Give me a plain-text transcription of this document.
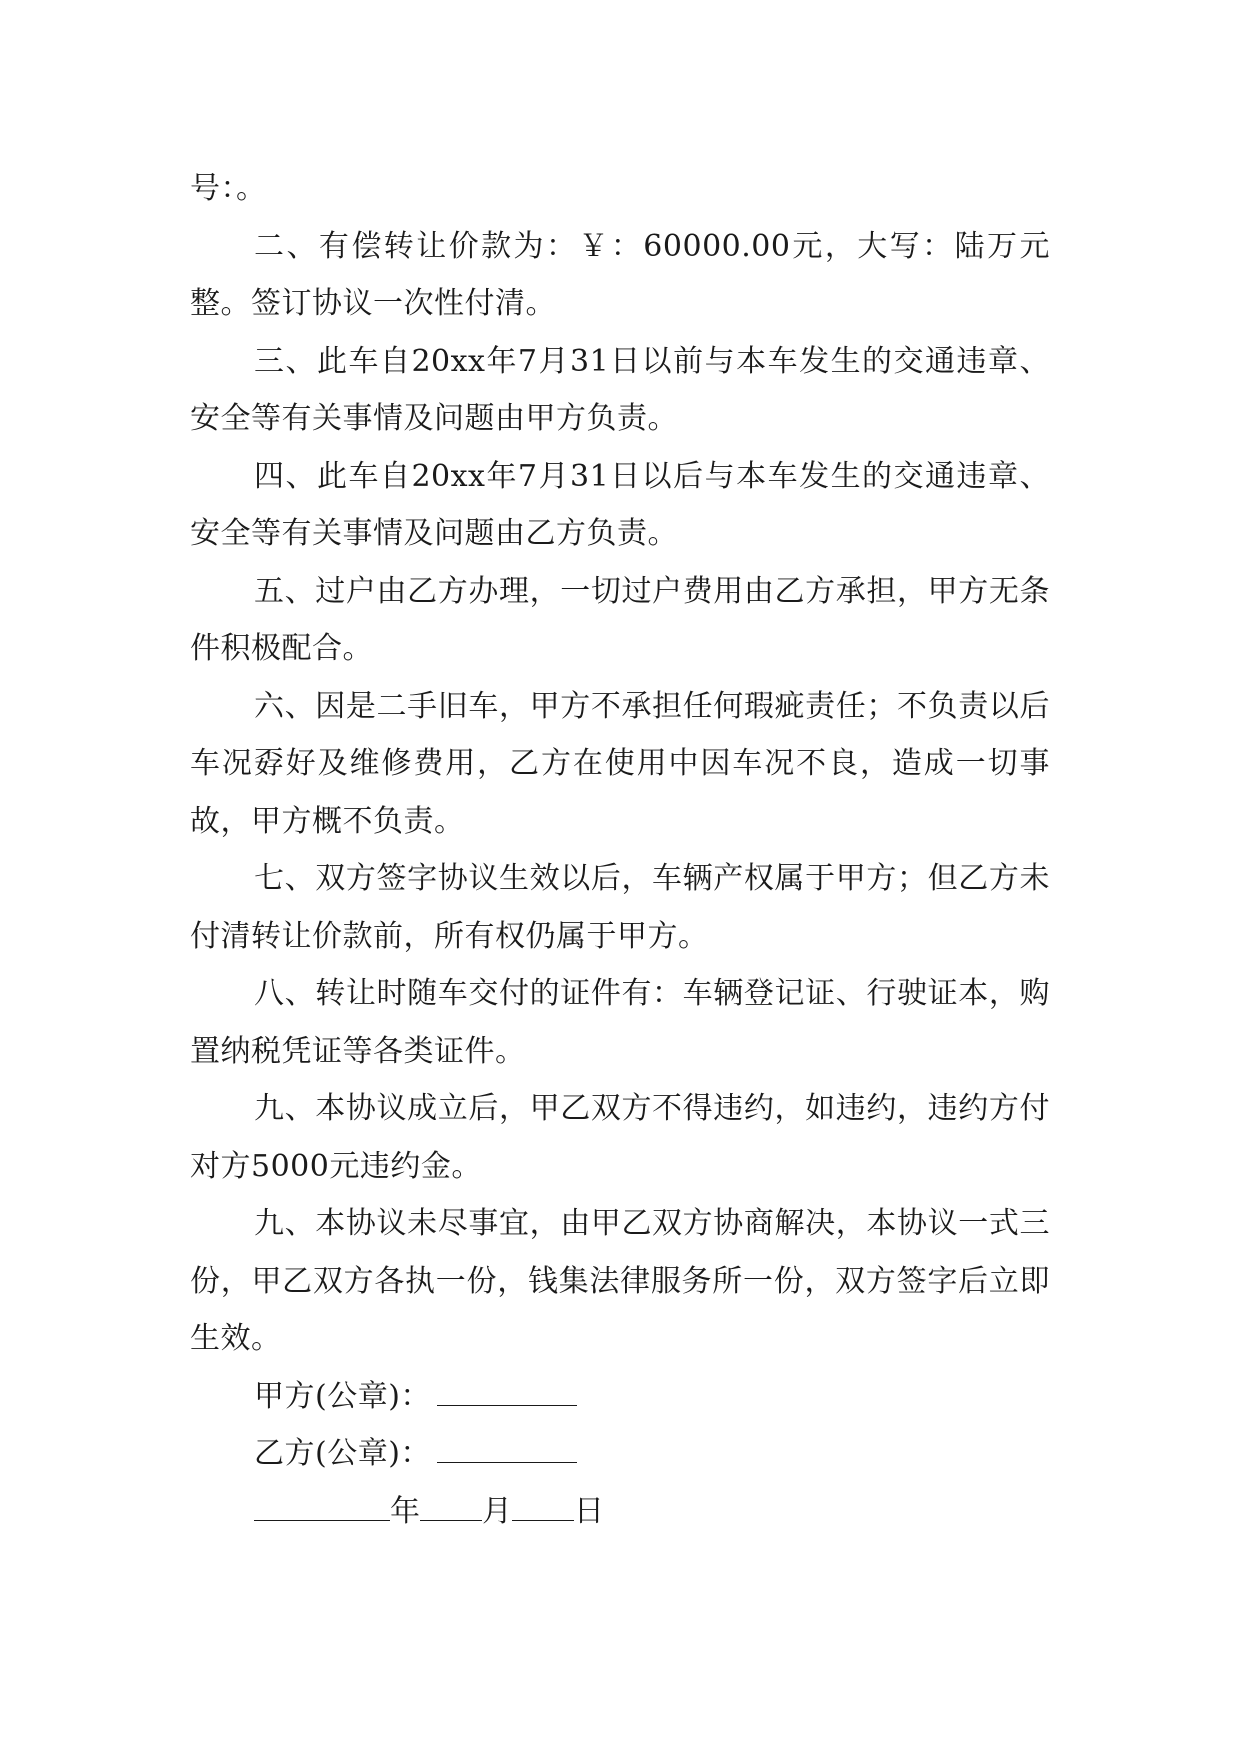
号：。

二、有偿转让价款为：￥：60000.00元，大写：陆万元整。签订协议一次性付清。

三、此车自20xx年7月31日以前与本车发生的交通违章、安全等有关事情及问题由甲方负责。

四、此车自20xx年7月31日以后与本车发生的交通违章、安全等有关事情及问题由乙方负责。

五、过户由乙方办理，一切过户费用由乙方承担，甲方无条件积极配合。

六、因是二手旧车，甲方不承担任何瑕疵责任；不负责以后车况孬好及维修费用，乙方在使用中因车况不良，造成一切事故，甲方概不负责。

七、双方签字协议生效以后，车辆产权属于甲方；但乙方未付清转让价款前，所有权仍属于甲方。

八、转让时随车交付的证件有：车辆登记证、行驶证本，购置纳税凭证等各类证件。

九、本协议成立后，甲乙双方不得违约，如违约，违约方付对方5000元违约金。

九、本协议未尽事宜，由甲乙双方协商解决，本协议一式三份，甲乙双方各执一份，钱集法律服务所一份，双方签字后立即生效。

甲方(公章)：

乙方(公章)：

年 月 日
